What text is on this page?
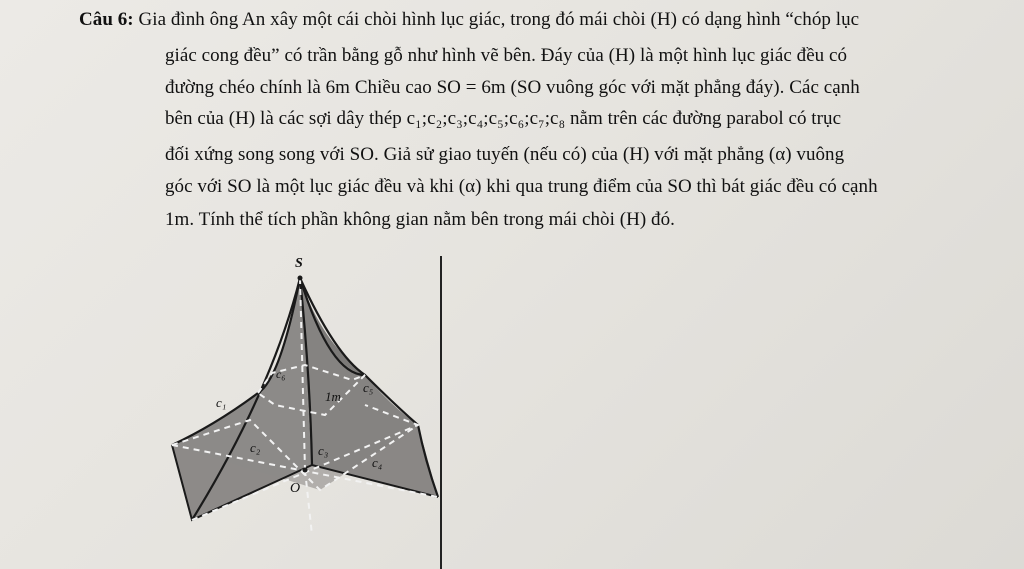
Câu 6: Gia đình ông An xây một cái chòi hình lục giác, trong đó mái chòi (H) có dạng hình “chóp lục
giác cong đều” có trần bằng gỗ như hình vẽ bên. Đáy của (H) là một hình lục giác đều có
đường chéo chính là 6m Chiều cao SO = 6m (SO vuông góc với mặt phẳng đáy). Các cạnh
bên của (H) là các sợi dây thép c₁;c₂;c₃;c₄;c₅;c₆;c₇;c₈ nằm trên các đường parabol có trục
đối xứng song song với SO. Giả sử giao tuyến (nếu có) của (H) với mặt phẳng (α) vuông
góc với SO là một lục giác đều và khi (α) khi qua trung điểm của SO thì bát giác đều có cạnh
1m. Tính thể tích phần không gian nằm bên trong mái chòi (H) đó.
S
O
c₁
c₂	c₃
c₄
c₅
c₆
1m
